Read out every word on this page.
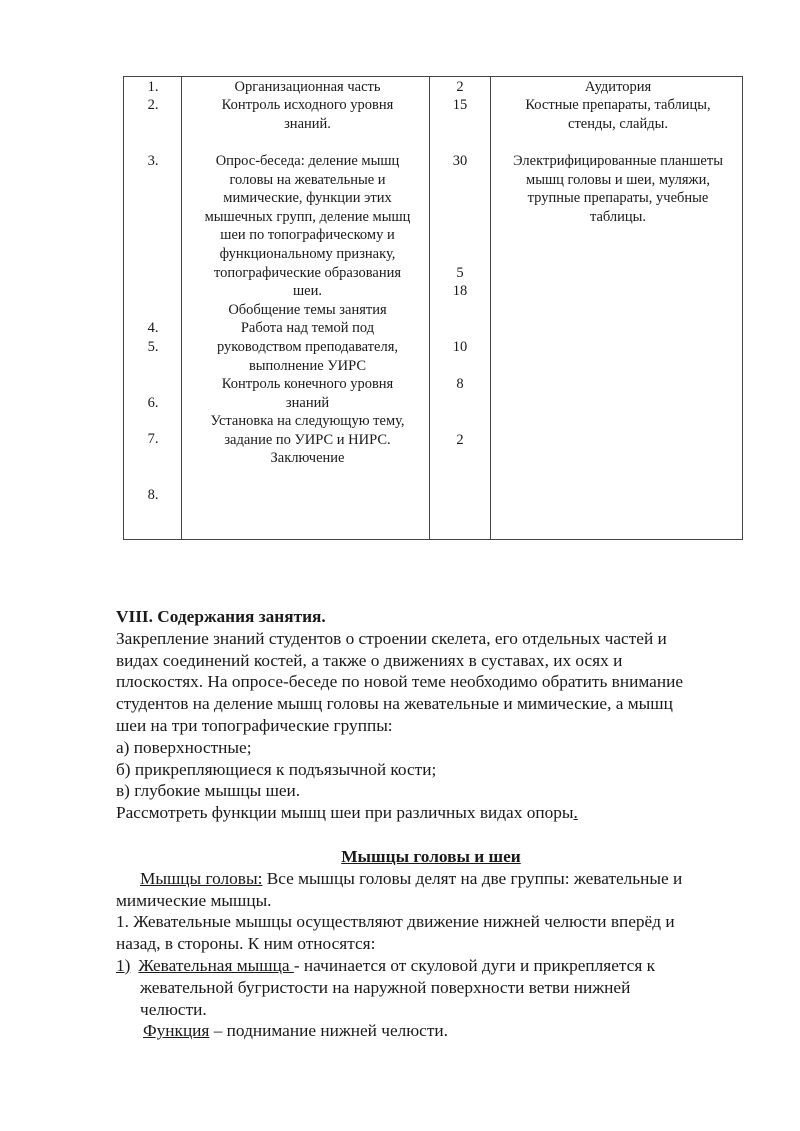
1.
2.
3.
4.
5.
6.
7.
8.
Организационная часть
Контроль исходного уровня
знаний.
Опрос-беседа: деление мышц
головы на жевательные и
мимические, функции этих
мышечных групп, деление мышц
шеи по топографическому и
функциональному признаку,
топографические образования
шеи.
Обобщение темы занятия
Работа над темой под
руководством преподавателя,
выполнение УИРС
Контроль конечного уровня
знаний
Установка на следующую тему,
задание по УИРС и НИРС.
Заключение
2
15
30
5
18
10
8
2
Аудитория
Костные препараты, таблицы,
стенды, слайды.
Электрифицированные планшеты
мышц головы и шеи, муляжи,
трупные препараты, учебные
таблицы.

VIII. Содержания занятия.

Закрепление знаний студентов о строении скелета, его отдельных частей и

видах соединений костей, а также о движениях в суставах, их осях и

плоскостях. На опросе-беседе по новой теме необходимо обратить внимание

студентов на деление мышц головы на жевательные и мимические, а мышц

шеи на три топографические группы:

а) поверхностные;

б) прикрепляющиеся к подъязычной кости;

в) глубокие мышцы шеи.

Рассмотреть функции мышц шеи при различных видах опоры.

Мышцы головы и шеи

Мышцы головы: Все мышцы головы делят на две группы: жевательные и

мимические мышцы.

1. Жевательные мышцы осуществляют движение нижней челюсти вперёд и

назад, в стороны. К ним относятся:

1) Жевательная мышца - начинается от скуловой дуги и прикрепляется к

жевательной бугристости на наружной поверхности ветви нижней

челюсти.

Функция – поднимание нижней челюсти.
